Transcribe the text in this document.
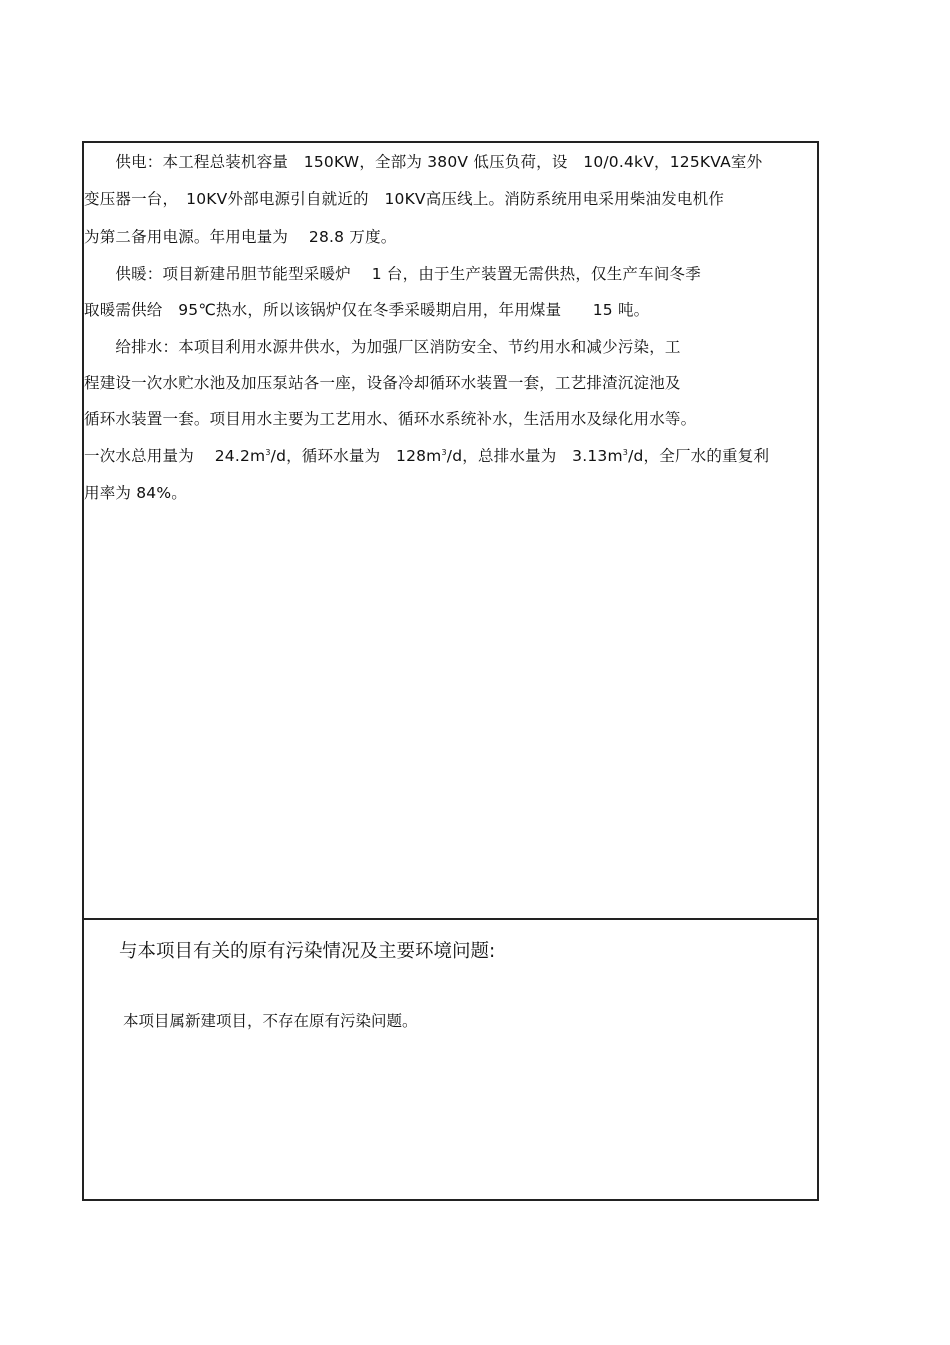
　　供电：本工程总装机容量　150KW，全部为 380V 低压负荷，设　10/0.4kV，125KVA室外
变压器一台，　10KV外部电源引自就近的　10KV高压线上。消防系统用电采用柴油发电机作
为第二备用电源。年用电量为　 28.8 万度。
　　供暖：项目新建吊胆节能型采暖炉　 1 台，由于生产装置无需供热，仅生产车间冬季
取暖需供给　95℃热水，所以该锅炉仅在冬季采暖期启用，年用煤量　　15 吨。
　　给排水：本项目利用水源井供水，为加强厂区消防安全、节约用水和减少污染，工
程建设一次水贮水池及加压泵站各一座，设备冷却循环水装置一套，工艺排渣沉淀池及
循环水装置一套。项目用水主要为工艺用水、循环水系统补水，生活用水及绿化用水等。
一次水总用量为　 $24.2m^3/d$，循环水量为　$128m^3/d$，总排水量为　$3.13m^3/d$，全厂水的重复利
用率为 84%。
与本项目有关的原有污染情况及主要环境问题:
本项目属新建项目，不存在原有污染问题。
